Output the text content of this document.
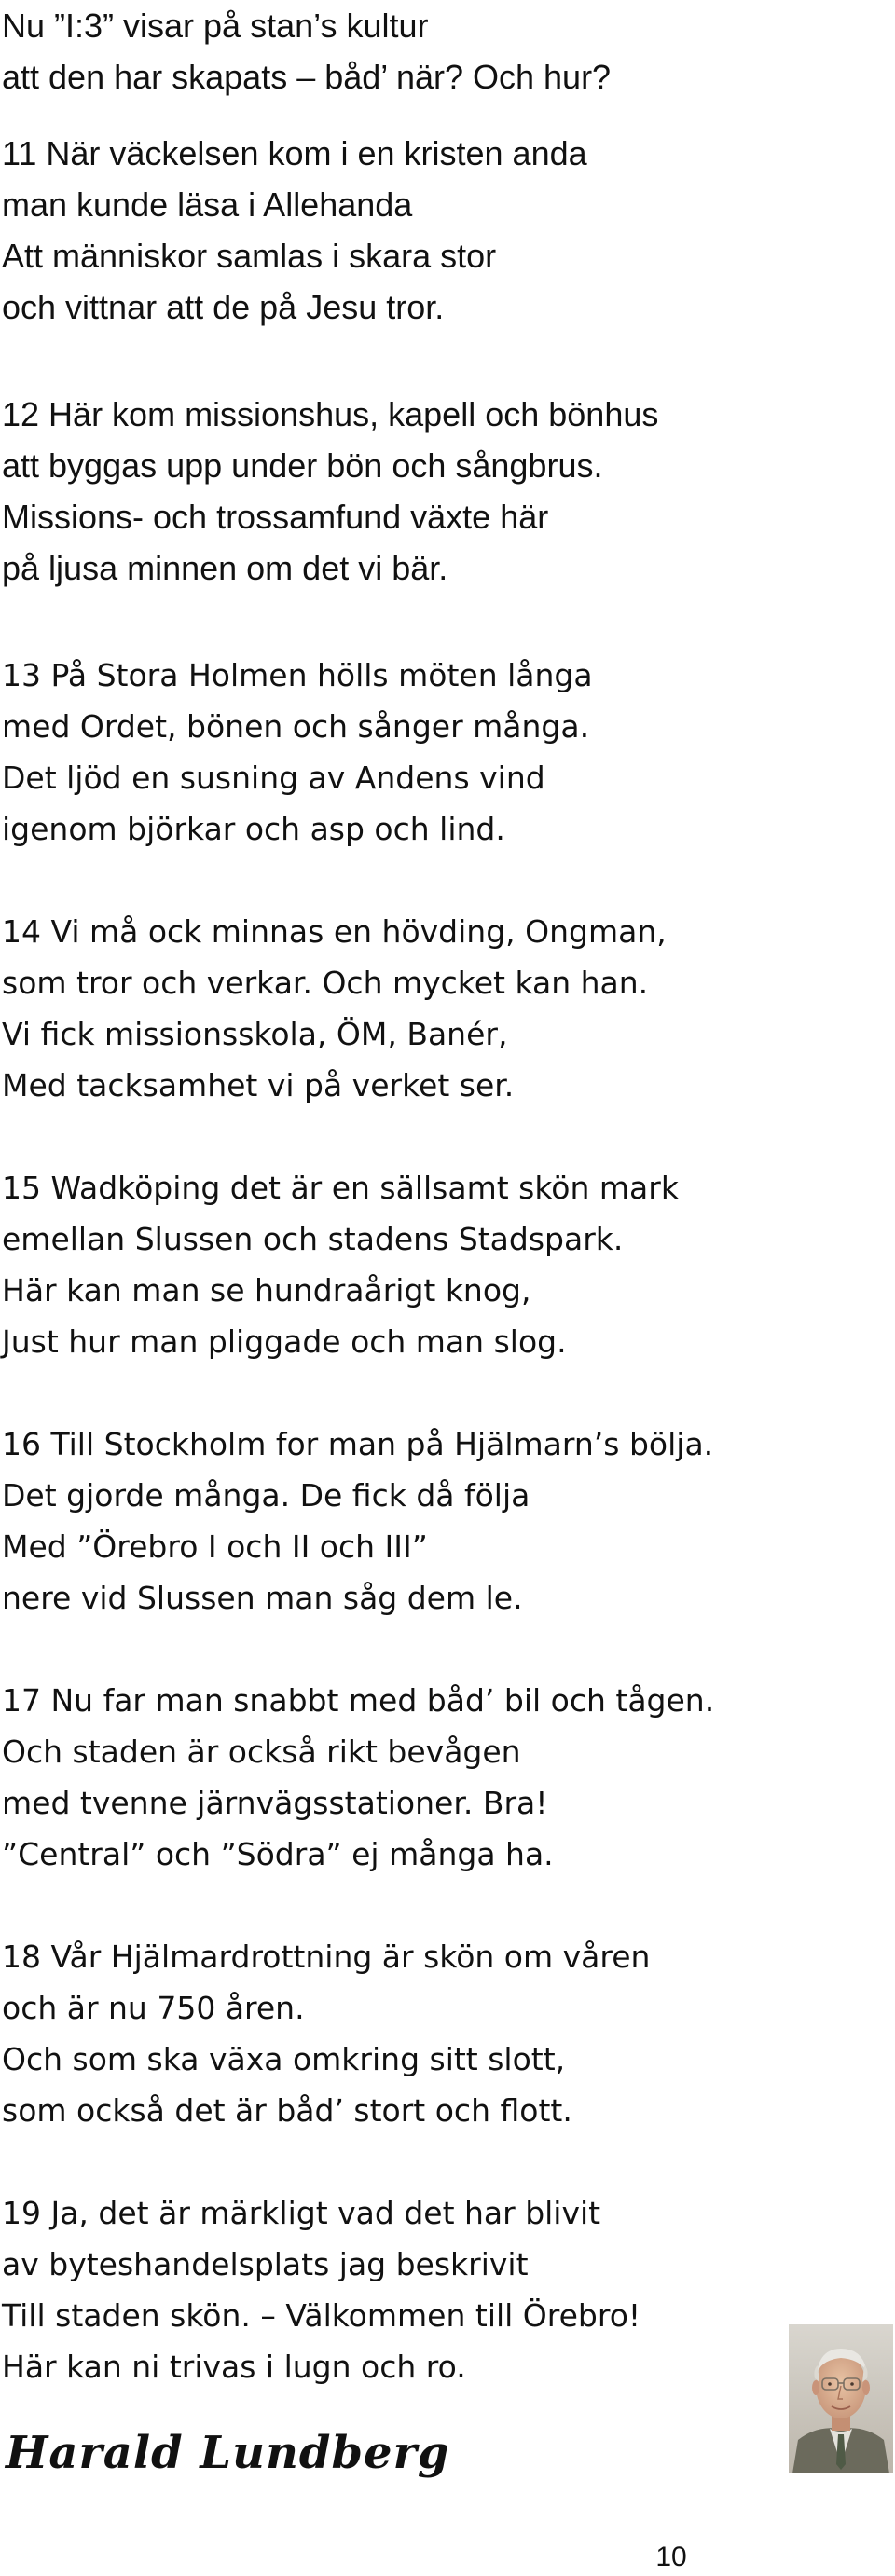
Nu ”I:3” visar på stan’s kultur
att den har skapats – båd’ när? Och hur?
11 När väckelsen kom i en kristen anda
man kunde läsa i Allehanda
Att människor samlas i skara stor
och vittnar att de på Jesu tror.
12 Här kom missionshus, kapell och bönhus
att byggas upp under bön och sångbrus.
Missions- och trossamfund växte här
på ljusa minnen om det vi bär.
13 På Stora Holmen hölls möten långa
med Ordet, bönen och sånger många.
Det ljöd en susning av Andens vind
igenom björkar och asp och lind.
14 Vi må ock minnas en hövding, Ongman,
som tror och verkar. Och mycket kan han.
Vi fick missionsskola, ÖM, Banér,
Med tacksamhet vi på verket ser.
15 Wadköping det är en sällsamt skön mark
emellan Slussen och stadens Stadspark.
Här kan man se hundraårigt knog,
Just hur man pliggade och man slog.
16 Till Stockholm for man på Hjälmarn’s bölja.
Det gjorde många. De fick då följa
Med ”Örebro I och II och III”
nere vid Slussen man såg dem le.
17 Nu far man snabbt med båd’ bil och tågen.
Och staden är också rikt bevågen
med tvenne järnvägsstationer. Bra!
”Central” och ”Södra” ej många ha.
18 Vår Hjälmardrottning är skön om våren
och är nu 750 åren.
Och som ska växa omkring sitt slott,
som också det är båd’ stort och flott.
19 Ja, det är märkligt vad det har blivit
av byteshandelsplats jag beskrivit
Till staden skön. – Välkommen till Örebro!
Här kan ni trivas i lugn och ro.
Harald Lundberg
10
